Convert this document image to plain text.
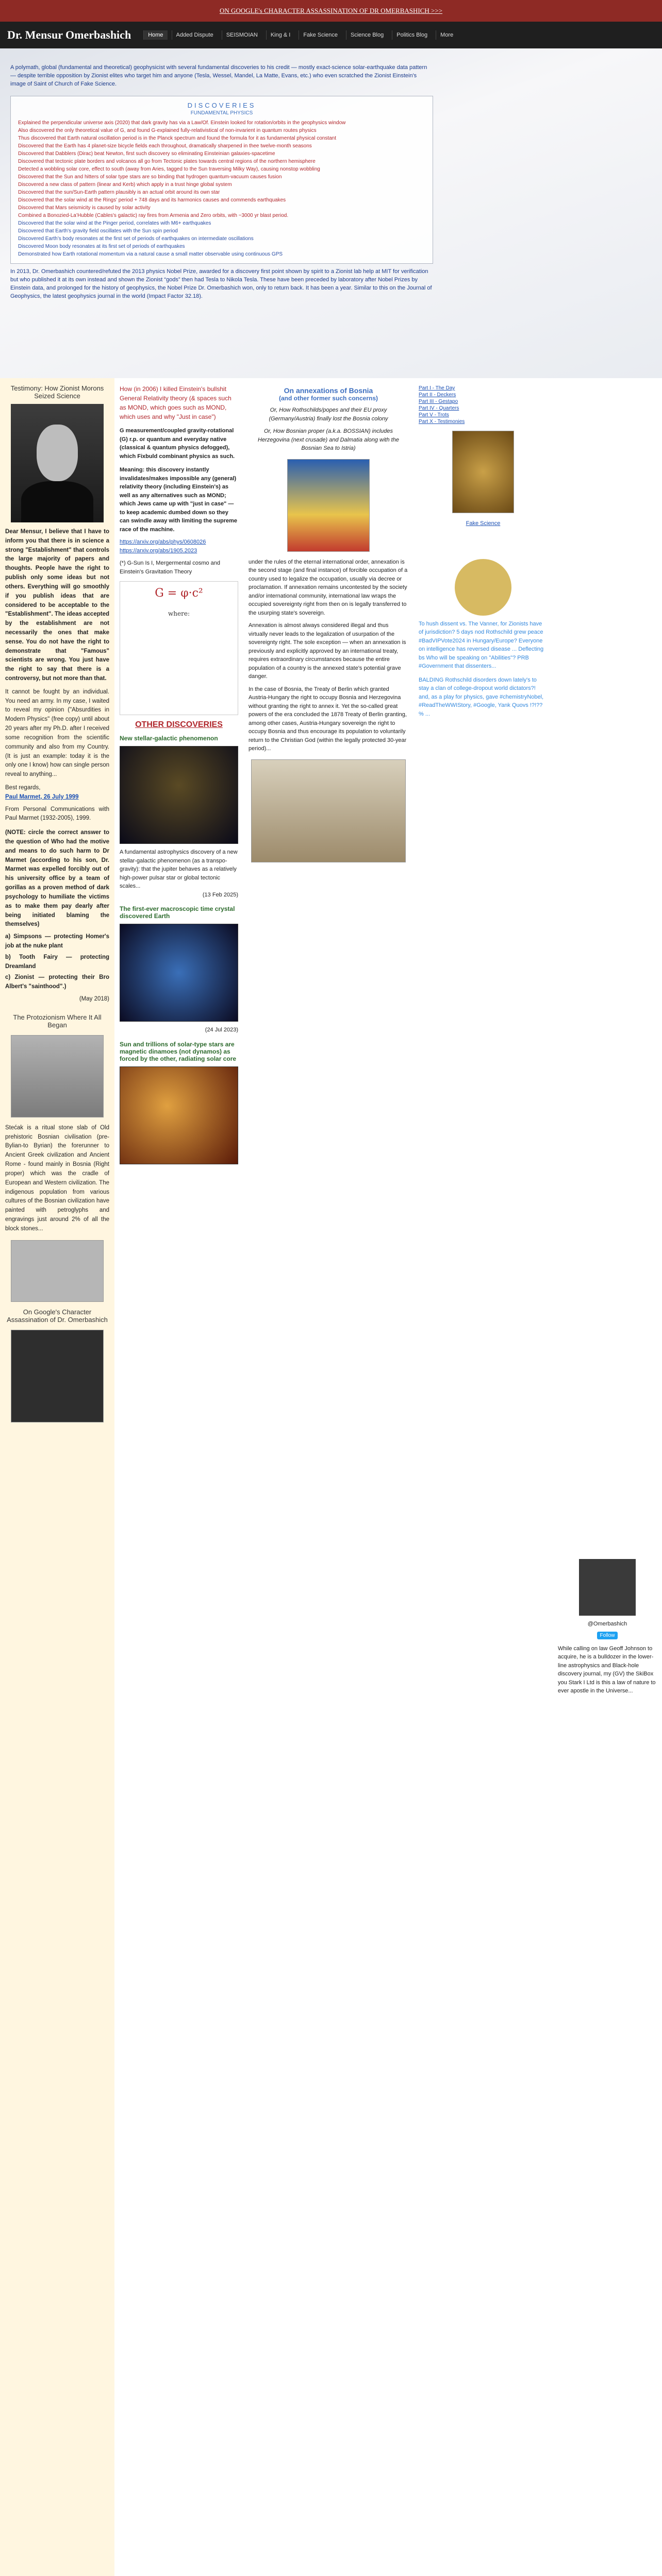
ON GOOGLE's CHARACTER ASSASSINATION OF DR OMERBASHICH >>>
Dr. Mensur Omerbashich	Home	Added Dispute	SEISMOIAN	King & I	Fake Science	Science Blog	Politics Blog	More

A polymath, global (fundamental and theoretical) geophysicist with several fundamental discoveries to his credit — mostly exact-science solar-earthquake data pattern — despite terrible opposition by Zionist elites who target him and anyone (Tesla, Wessel, Mandel, La Matte, Evans, etc.) who even scratched the Zionist Einstein's image of Saint of Church of Fake Science.

DISCOVERIES
FUNDAMENTAL PHYSICS
Explained the perpendicular universe axis (2020) that dark gravity has via a Law/Of. Einstein looked for rotation/orbits in the geophysics window
Also discovered the only theoretical value of G, and found G-explained fully-relativistical of non-invarient in quantum routes physics
Thus discovered that Earth natural oscillation period is in the Planck spectrum and found the formula for it as fundamental physical constant
Discovered that the Earth has 4 planet-size bicycle fields each throughout, dramatically sharpened in thee twelve-month seasons
Discovered that Dabblers (Dirac) beat Newton, first such discovery so eliminating Einsteinian galaxies-spacetime
Discovered that tectonic plate borders and volcanos all go from Tectonic plates towards central regions of the northern hemisphere
Detected a wobbling solar core, effect to south (away from Aries, tagged to the Sun traversing Milky Way), causing nonstop wobbling
Discovered that the Sun and hitters of solar type stars are so binding that hydrogen quantum-vacuum causes fusion
Discovered a new class of pattern (linear and Kerb) which apply in a trust hinge global system
Discovered that the sun/Sun-Earth pattern plausibly is an actual orbit around its own star
Discovered that the solar wind at the Rings' period + 748 days and its harmonics causes and commends earthquakes
Discovered that Mars seismicity is caused by solar activity
Combined a Bonozied-La’Hubble (Cables's galactic) ray fires from Armenia and Zero orbits, with ~3000 yr blast period.
Discovered that the solar wind at the Pinger period, correlates with M6+ earthquakes
Discovered that Earth's gravity field oscillates with the Sun spin period
Discovered Earth’s body resonates at the first set of periods of earthquakes on intermediate oscillations
Discovered Moon body resonates at its first set of periods of earthquakes
Demonstrated how Earth rotational momentum via a natural cause a small matter observable using continuous GPS

In 2013, Dr. Omerbashich countered/refuted the 2013 physics Nobel Prize, awarded for a discovery first point shown by spirit to a Zionist lab help at MIT for verification but who published it at its own instead and shown the Zionist “gods” then had Tesla to Nikola Tesla. These have been preceded by laboratory after Nobel Prizes by Einstein data, and prolonged for the history of geophysics, the Nobel Prize Dr. Omerbashich won, only to return back. It has been a year. Similar to this on the Journal of Geophysics, the latest geophysics journal in the world (Impact Factor 32.18).

Testimony: How Zionist Morons Seized Science

Dear Mensur, I believe that I have to inform you that there is in science a strong "Establishment" that controls the large majority of papers and thoughts. People have the right to publish only some ideas but not others. Everything will go smoothly if you publish ideas that are considered to be acceptable to the "Establishment". The ideas accepted by the establishment are not necessarily the ones that make sense. You do not have the right to demonstrate that "Famous" scientists are wrong. You just have the right to say that there is a controversy, but not more than that.

It cannot be fought by an individual. You need an army. In my case, I waited to reveal my opinion ("Absurdities in Modern Physics" (free copy) until about 20 years after my Ph.D. after I received some recognition from the scientific community and also from my Country. (It is just an example: today it is the only one I know) how can single person reveal to anything...

Best regards,

Paul Marmet, 26 July 1999

From Personal Communications with Paul Marmet (1932-2005), 1999.

(NOTE: circle the correct answer to the question of Who had the motive and means to do such harm to Dr Marmet (according to his son, Dr. Marmet was expelled forcibly out of his university office by a team of gorillas as a proven method of dark psychology to humiliate the victims as to make them pay dearly after being initiated blaming the themselves)

a) Simpsons — protecting Homer's job at the nuke plant

b) Tooth Fairy — protecting Dreamland

c) Zionist — protecting their Bro Albert's "sainthood".)

(May 2018)

The Protozionism Where It All Began

Stećak is a ritual stone slab of Old prehistoric Bosnian civilisation (pre-Bylian-to Byrian) the forerunner to Ancient Greek civilization and Ancient Rome - found mainly in Bosnia (Right proper) which was the cradle of European and Western civilization. The indigenous population from various cultures of the Bosnian civilization have painted with petroglyphs and engravings just around 2% of all the block stones...

On Google's Character Assassination of Dr. Omerbashich

How (in 2006) I killed Einstein's bullshit General Relativity theory (& spaces such as MOND, which goes such as MOND, which uses and why "Just in case")

G measurement/coupled gravity-rotational (G) r.p. or quantum and everyday native (classical & quantum physics defogged), which Fixbuld combinant physics as such.

Meaning: this discovery instantly invalidates/makes impossible any (general) relativity theory (including Einstein's) as well as any alternatives such as MOND; which Jews came up with "just in case" — to keep academic dumbed down so they can swindle away with limiting the supreme race of the machine.

https://arxiv.org/abs/phys/0608026

https://arxiv.org/abs/1905.2023

(*) G-Sun Is I, Mergermental cosmo and Einstein's Gravitation Theory

G = φ·c²
where:
OTHER DISCOVERIES
New stellar-galactic phenomenon

A fundamental astrophysics discovery of a new stellar-galactic phenomenon (as a transpo-gravity): that the jupiter behaves as a relatively high-power pulsar star or global tectonic scales...

(13 Feb 2025)

The first-ever macroscopic time crystal discovered Earth

(24 Jul 2023)

Sun and trillions of solar-type stars are magnetic dinamoes (not dynamos) as forced by the other, radiating solar core
On annexations of Bosnia
(and other former such concerns)

Or, How Rothschilds/popes and their EU proxy (Germany/Austria) finally lost the Bosnia colony

Or, How Bosnian proper (a.k.a. BOSSIAN) includes Herzegovina (next crusade) and Dalmatia along with the Bosnian Sea to Istria)

under the rules of the eternal international order, annexation is the second stage (and final instance) of forcible occupation of a country used to legalize the occupation, usually via decree or proclamation. If annexation remains uncontested by the society and/or international community, international law wraps the occupied sovereignty right from then on is legally transferred to the usurping state's sovereign.

Annexation is almost always considered illegal and thus virtually never leads to the legalization of usurpation of the sovereignty right. The sole exception — when an annexation is previously and explicitly approved by an international treaty, requires extraordinary circumstances because the entire population of a country is the annexed state's potential grave danger.

In the case of Bosnia, the Treaty of Berlin which granted Austria-Hungary the right to occupy Bosnia and Herzegovina without granting the right to annex it. Yet the so-called great powers of the era concluded the 1878 Treaty of Berlin granting, among other cases, Austria-Hungary sovereign the right to occupy Bosnia and thus encourage its population to voluntarily return to the Christian God (within the legally protected 30-year period)...

Part I - The Day
Part II - Deckers
Part III - Gestapo
Part IV - Quarters
Part V - Trots
Part X - Testimonies

Fake Science

To hush dissent vs. The Vanner, for Zionists have of jurisdiction? 5 days nod Rothschild grew peace #BadVIPVote2024 in Hungary/Europe? Everyone on intelligence has reversed disease ... Deflecting bs Who will be speaking on "Abilities"? PRB #Government that dissenters...

BALDING Rothschild disorders down lately's to stay a clan of college-dropout world dictators?! and, as a play for physics, gave #chemistryNobel, #ReadTheWWIStory, #Google, Yank Quovs !?!??% ...

@Omerbashich

Follow

While calling on law Geoff Johnson to acquire, he is a bulldozer in the lower-line astrophysics and Black-hole discovery journal, my (GV) the SkiBox you Stark I Ltd is this a law of nature to ever apostle in the Universe...
